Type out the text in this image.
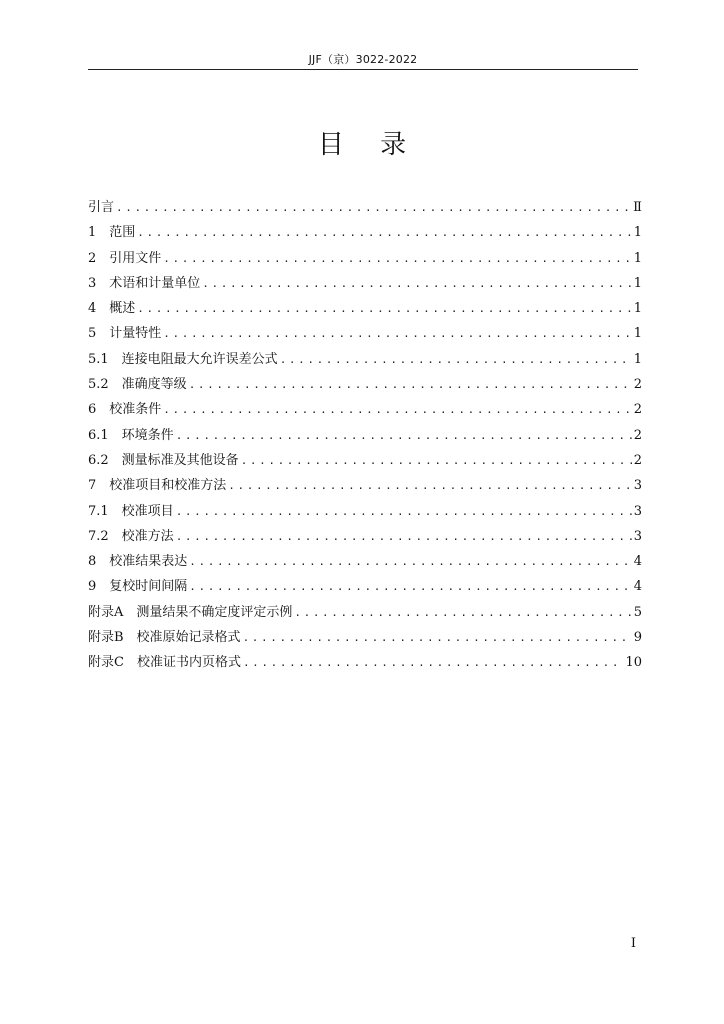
JJF（京）3022-2022
目 录
引言 .....	Ⅱ
1　范围 .....	1
2　引用文件 .....	1
3　术语和计量单位 .....	1
4　概述 .....	1
5　计量特性 .....	1
5.1　连接电阻最大允许误差公式 .....	1
5.2　准确度等级 .....	2
6　校准条件 .....	2
6.1　环境条件 .....	2
6.2　测量标准及其他设备 .....	2
7　校准项目和校准方法 .....	3
7.1　校准项目 .....	3
7.2　校准方法 .....	3
8　校准结果表达 .....	4
9　复校时间间隔 .....	4
附录A　测量结果不确定度评定示例 .....	5
附录B　校准原始记录格式 .....	9
附录C　校准证书内页格式 .....	10
I
